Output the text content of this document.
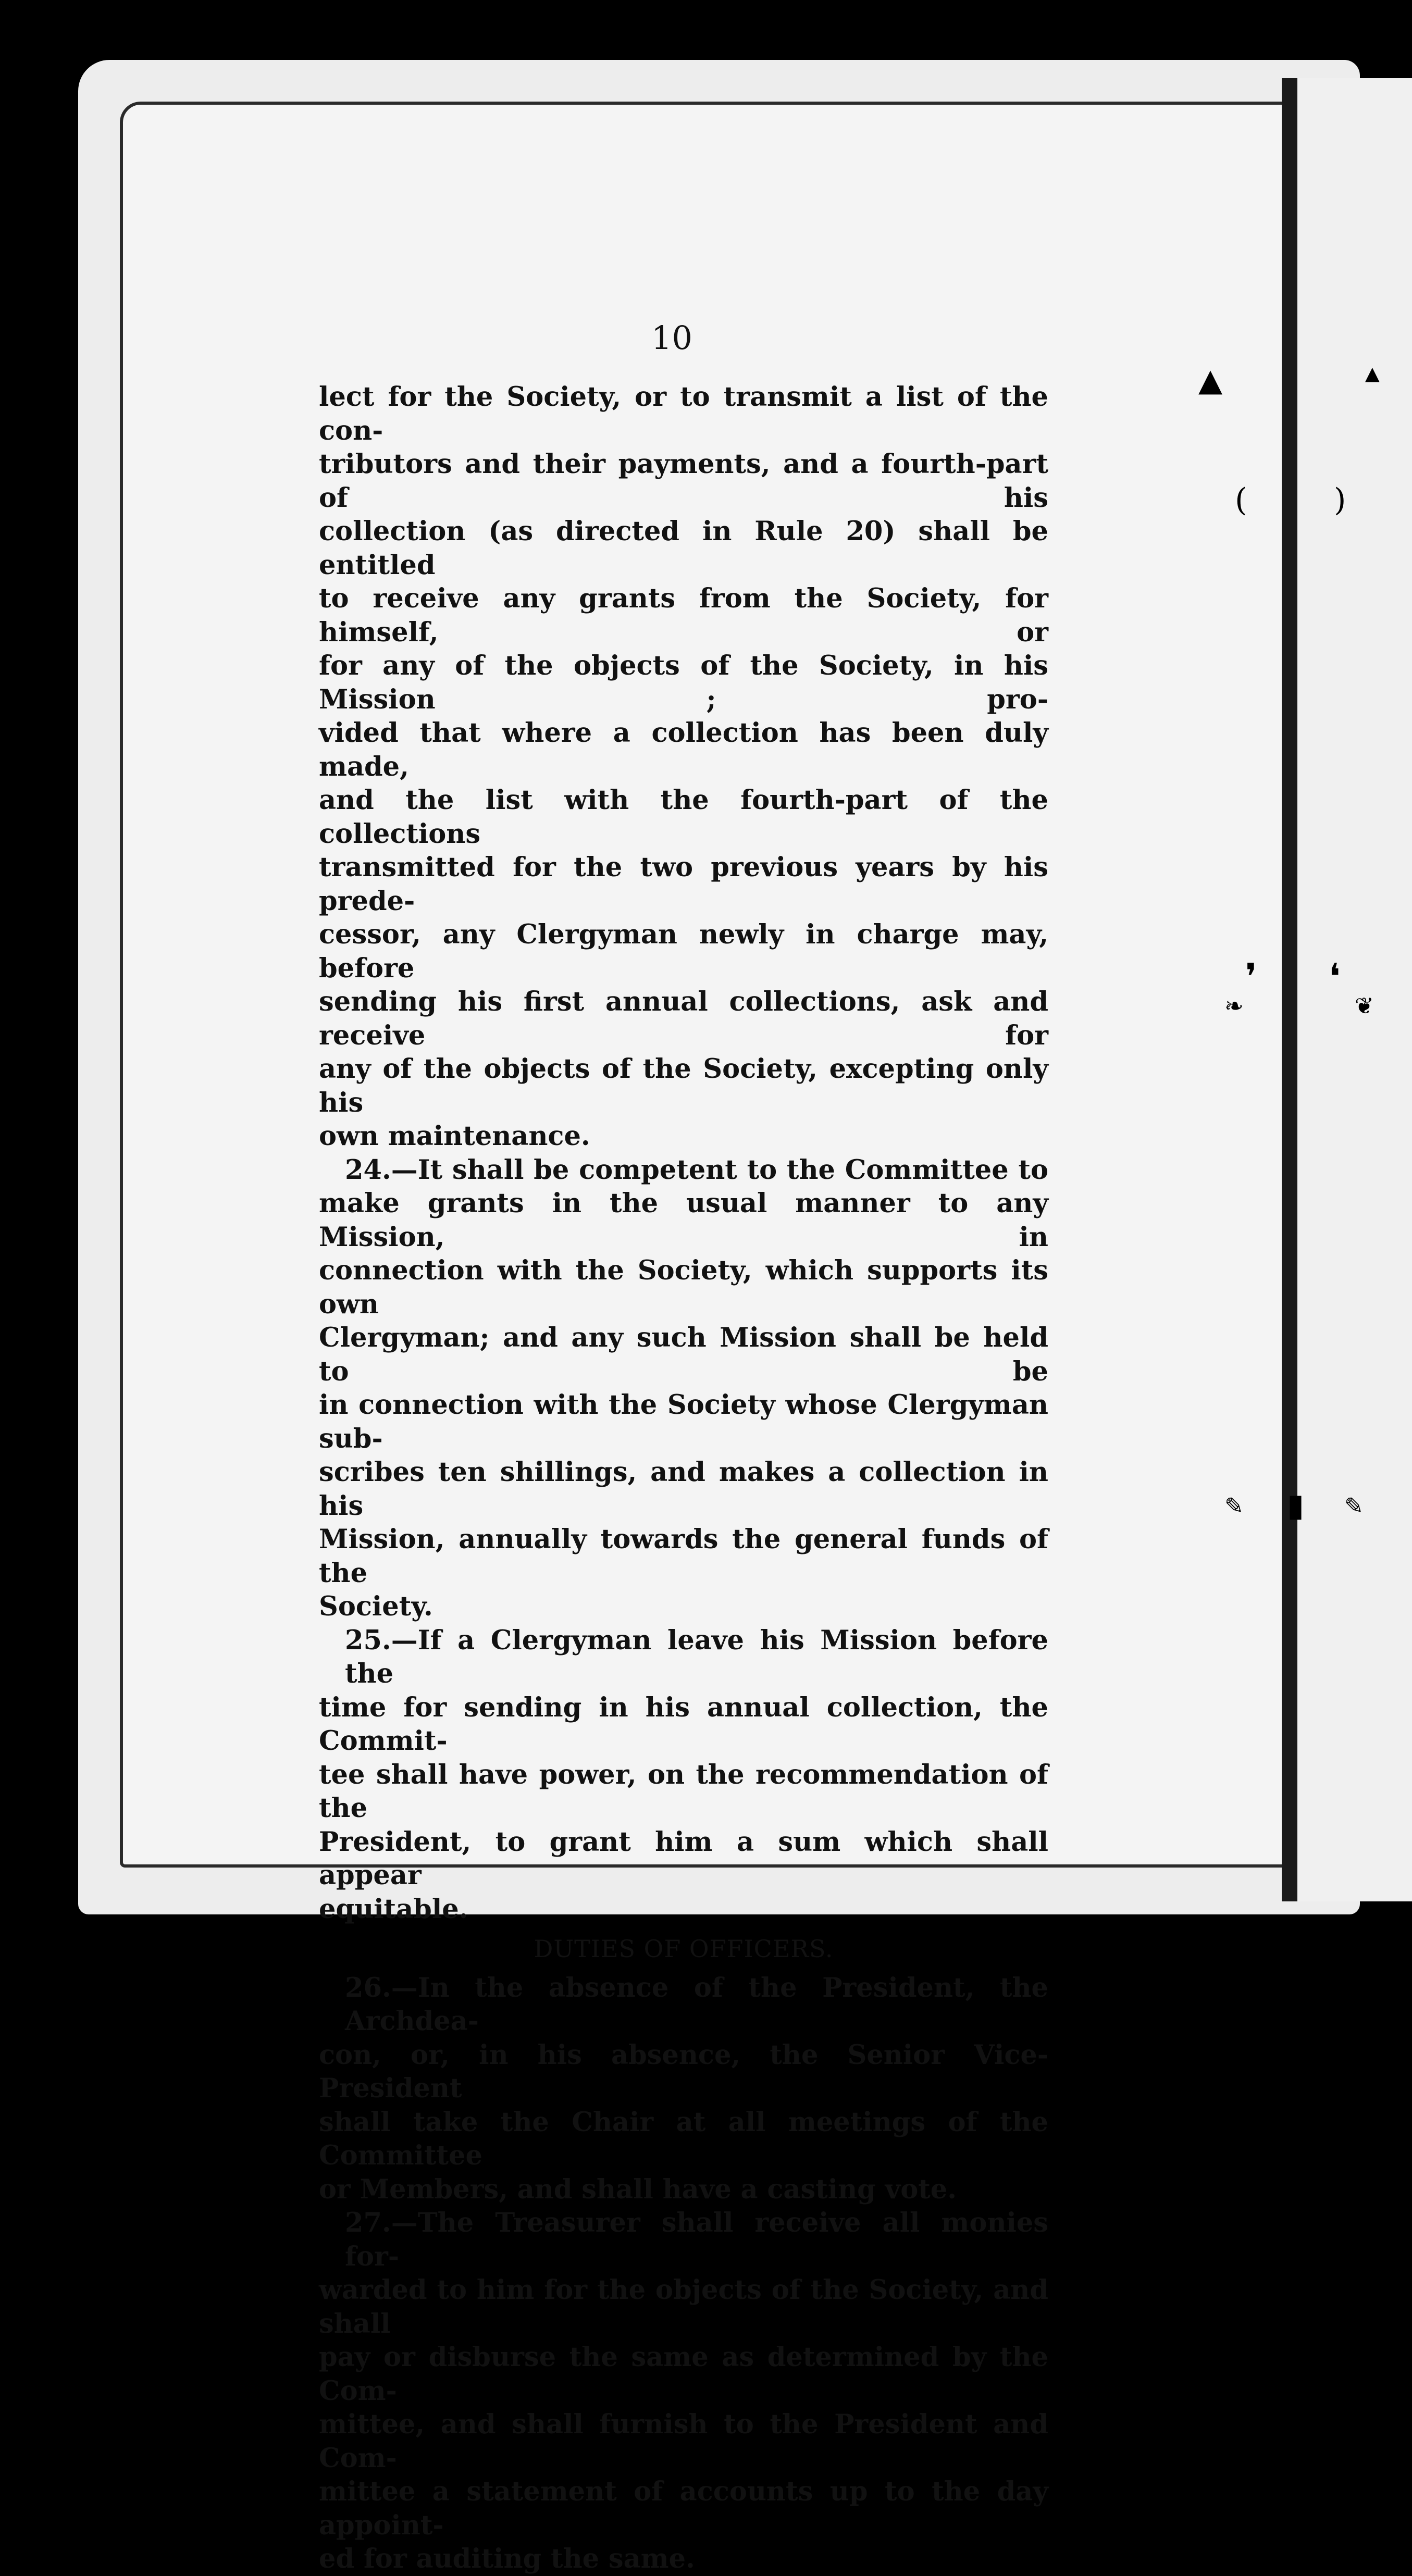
▲	▲
(	)
❜ ❛
❧	❦
✎ ▮ ✎
10

lect for the Society, or to transmit a list of the con-
tributors and their payments, and a fourth-part of his
collection (as directed in Rule 20) shall be entitled
to receive any grants from the Society, for himself, or
for any of the objects of the Society, in his Mission ; pro-
vided that where a collection has been duly made,
and the list with the fourth-part of the collections
transmitted for the two previous years by his prede-
cessor, any Clergyman newly in charge may, before
sending his first annual collections, ask and receive for
any of the objects of the Society, excepting only his
own maintenance.

24.—It shall be competent to the Committee to
make grants in the usual manner to any Mission, in
connection with the Society, which supports its own
Clergyman; and any such Mission shall be held to be
in connection with the Society whose Clergyman sub-
scribes ten shillings, and makes a collection in his
Mission, annually towards the general funds of the
Society.

25.—If a Clergyman leave his Mission before the
time for sending in his annual collection, the Commit-
tee shall have power, on the recommendation of the
President, to grant him a sum which shall appear
equitable.

DUTIES OF OFFICERS.

26.—In the absence of the President, the Archdea-
con, or, in his absence, the Senior Vice-President
shall take the Chair at all meetings of the Committee
or Members, and shall have a casting vote.

27.—The Treasurer shall receive all monies for-
warded to him for the objects of the Society, and shall
pay or disburse the same as determined by the Com-
mittee, and shall furnish to the President and Com-
mittee a statement of accounts up to the day appoint-
ed for auditing the same.
